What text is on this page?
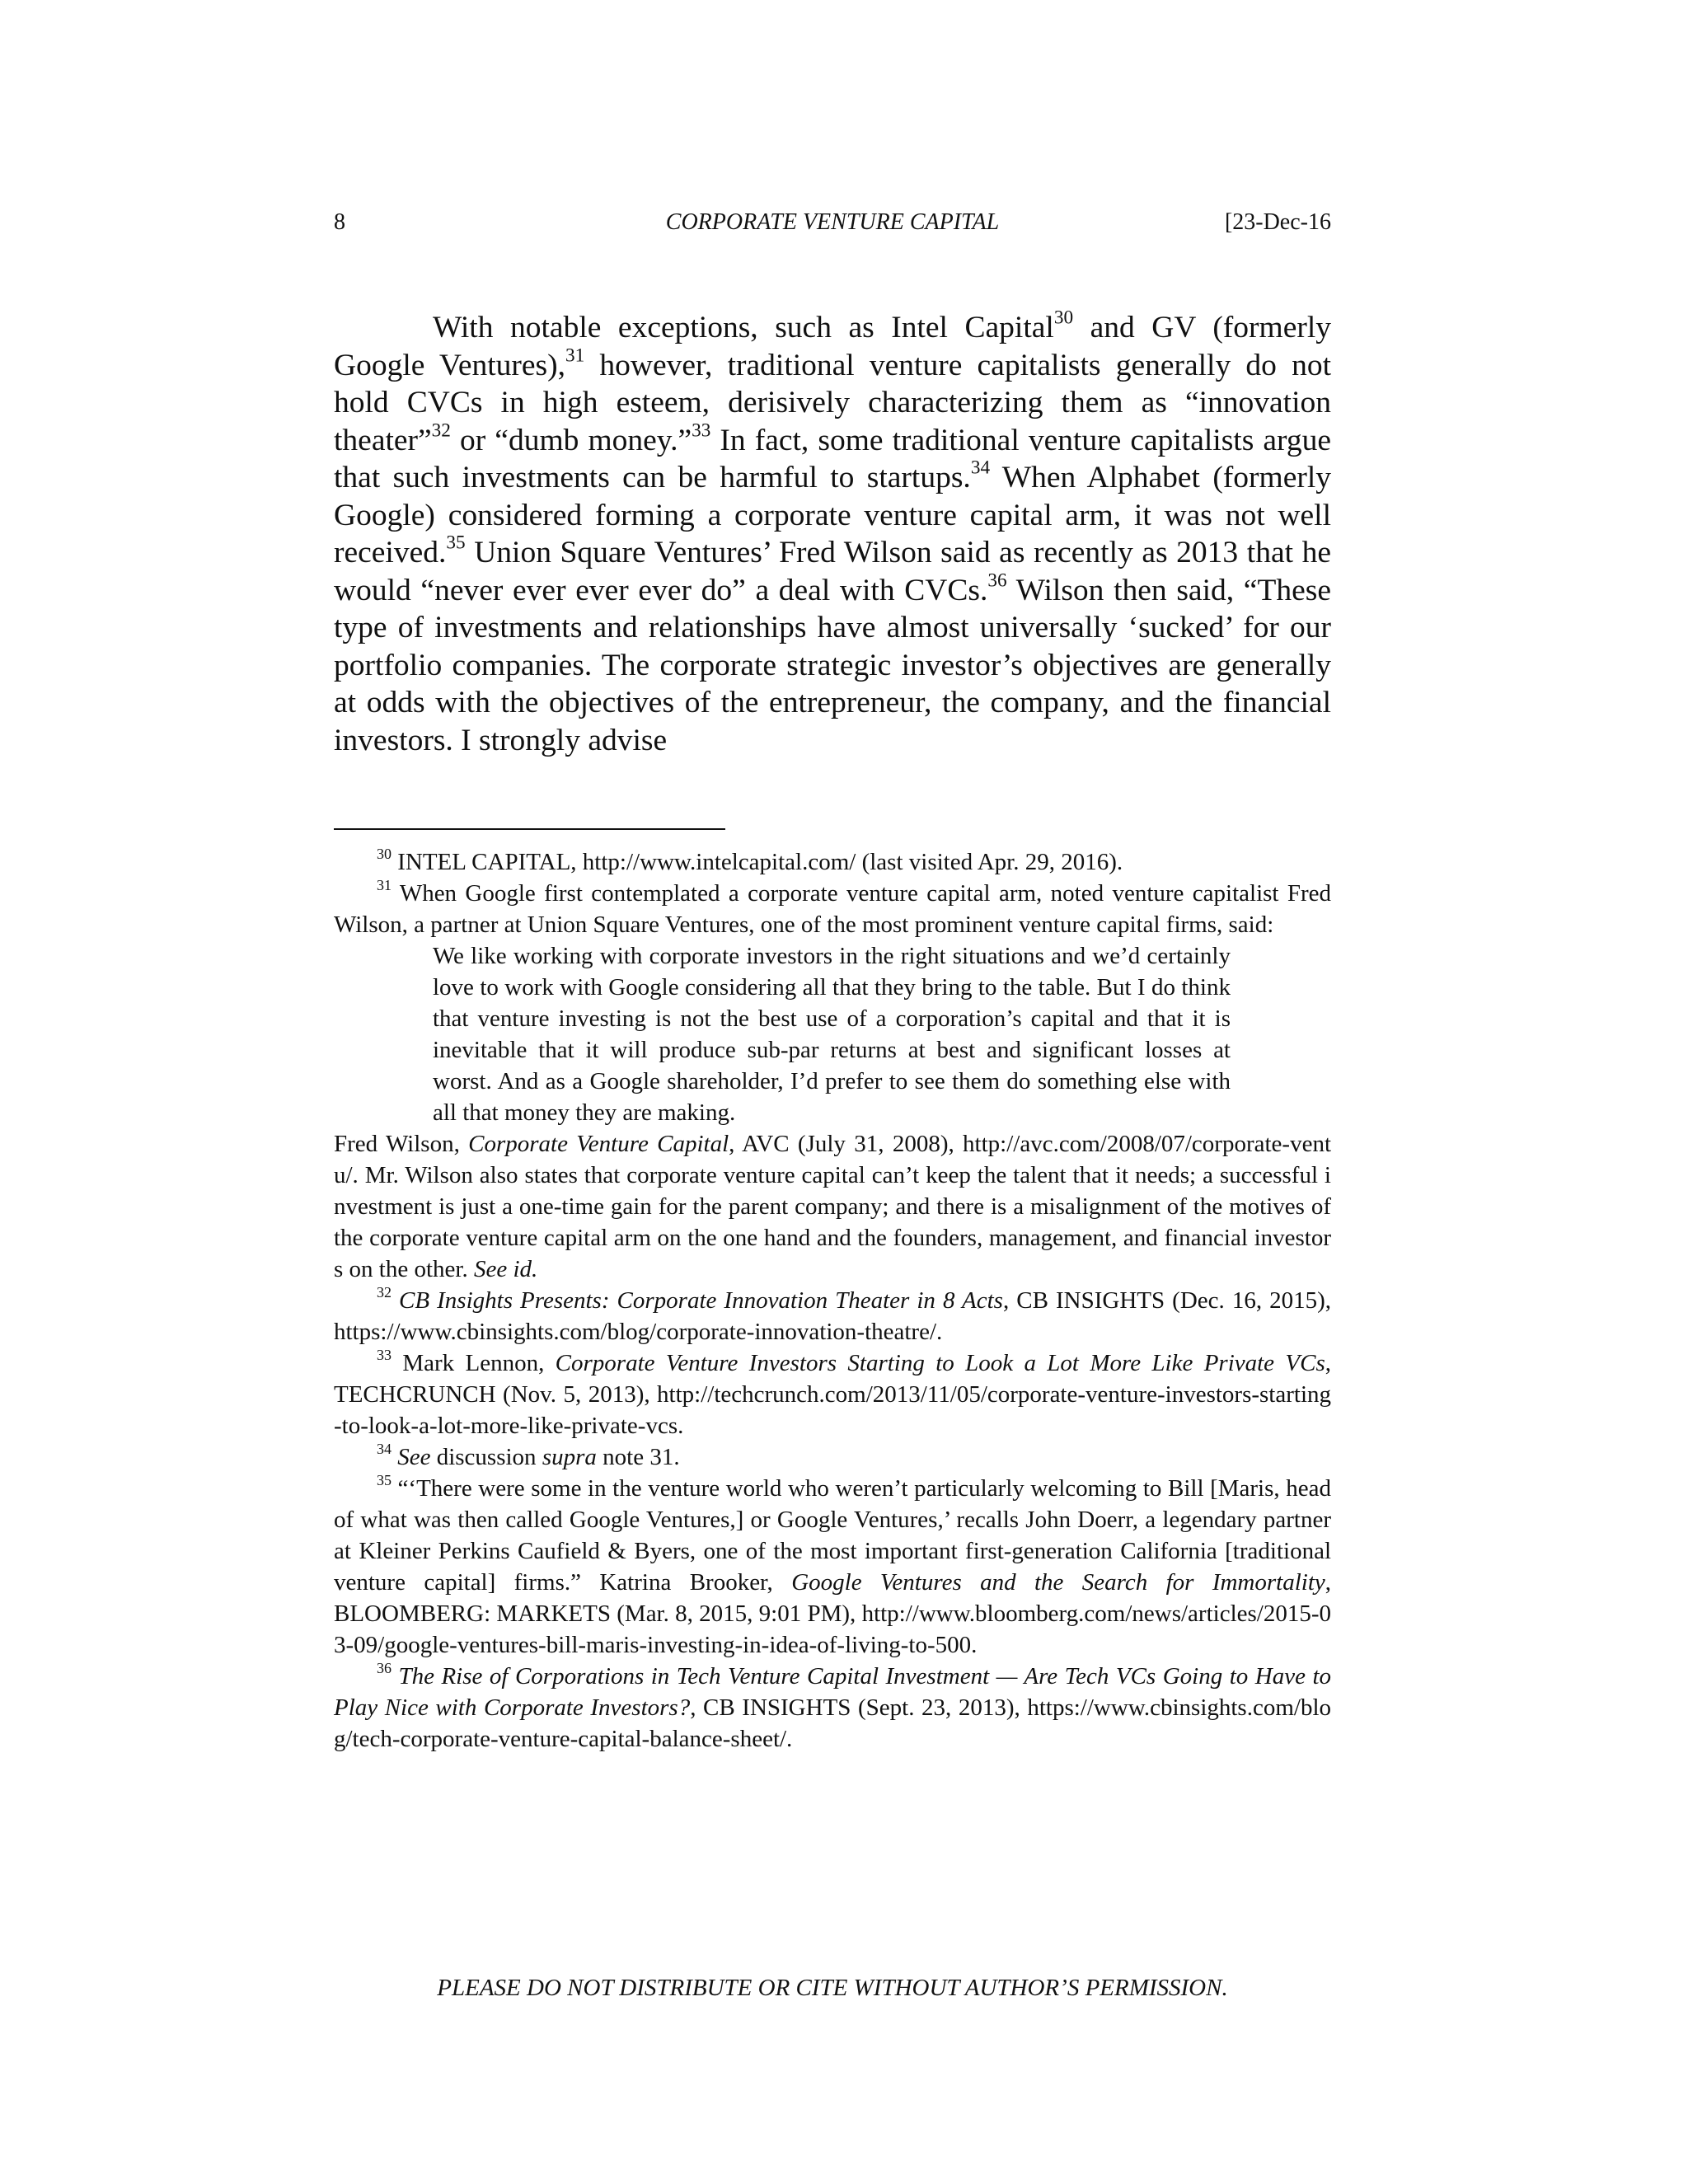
8	CORPORATE VENTURE CAPITAL	[23-Dec-16

With notable exceptions, such as Intel Capital$^{30}$ and GV (formerly Google Ventures),$^{31}$ however, traditional venture capitalists generally do not hold CVCs in high esteem, derisively characterizing them as “innovation theater”$^{32}$ or “dumb money.”$^{33}$ In fact, some traditional venture capitalists argue that such investments can be harmful to startups.$^{34}$ When Alphabet (formerly Google) considered forming a corporate venture capital arm, it was not well received.$^{35}$ Union Square Ventures’ Fred Wilson said as recently as 2013 that he would “never ever ever ever do” a deal with CVCs.$^{36}$ Wilson then said, “These type of investments and relationships have almost universally ‘sucked’ for our portfolio companies. The corporate strategic investor’s objectives are generally at odds with the objectives of the entrepreneur, the company, and the financial investors. I strongly advise

$^{30}$ INTEL CAPITAL, http://www.intelcapital.com/ (last visited Apr. 29, 2016).

$^{31}$ When Google first contemplated a corporate venture capital arm, noted venture capitalist Fred Wilson, a partner at Union Square Ventures, one of the most prominent venture capital firms, said:

We like working with corporate investors in the right situations and we’d certainly love to work with Google considering all that they bring to the table. But I do think that venture investing is not the best use of a corporation’s capital and that it is inevitable that it will produce sub-par returns at best and significant losses at worst. And as a Google shareholder, I’d prefer to see them do something else with all that money they are making.

Fred Wilson, Corporate Venture Capital, AVC (July 31, 2008), http://avc.com/2008/07/corporate-ventu/. Mr. Wilson also states that corporate venture capital can’t keep the talent that it needs; a successful investment is just a one-time gain for the parent company; and there is a misalignment of the motives of the corporate venture capital arm on the one hand and the founders, management, and financial investors on the other. See id.

$^{32}$ CB Insights Presents: Corporate Innovation Theater in 8 Acts, CB INSIGHTS (Dec. 16, 2015), https://www.cbinsights.com/blog/corporate-innovation-theatre/.

$^{33}$ Mark Lennon, Corporate Venture Investors Starting to Look a Lot More Like Private VCs, TECHCRUNCH (Nov. 5, 2013), http://techcrunch.com/2013/11/05/corporate-venture-investors-starting-to-look-a-lot-more-like-private-vcs.

$^{34}$ See discussion supra note 31.

$^{35}$ “‘There were some in the venture world who weren’t particularly welcoming to Bill [Maris, head of what was then called Google Ventures,] or Google Ventures,’ recalls John Doerr, a legendary partner at Kleiner Perkins Caufield & Byers, one of the most important first-generation California [traditional venture capital] firms.” Katrina Brooker, Google Ventures and the Search for Immortality, BLOOMBERG: MARKETS (Mar. 8, 2015, 9:01 PM), http://www.bloomberg.com/news/articles/2015-03-09/google-ventures-bill-maris-investing-in-idea-of-living-to-500.

$^{36}$ The Rise of Corporations in Tech Venture Capital Investment — Are Tech VCs Going to Have to Play Nice with Corporate Investors?, CB INSIGHTS (Sept. 23, 2013), https://www.cbinsights.com/blog/tech-corporate-venture-capital-balance-sheet/.

PLEASE DO NOT DISTRIBUTE OR CITE WITHOUT AUTHOR’S PERMISSION.
